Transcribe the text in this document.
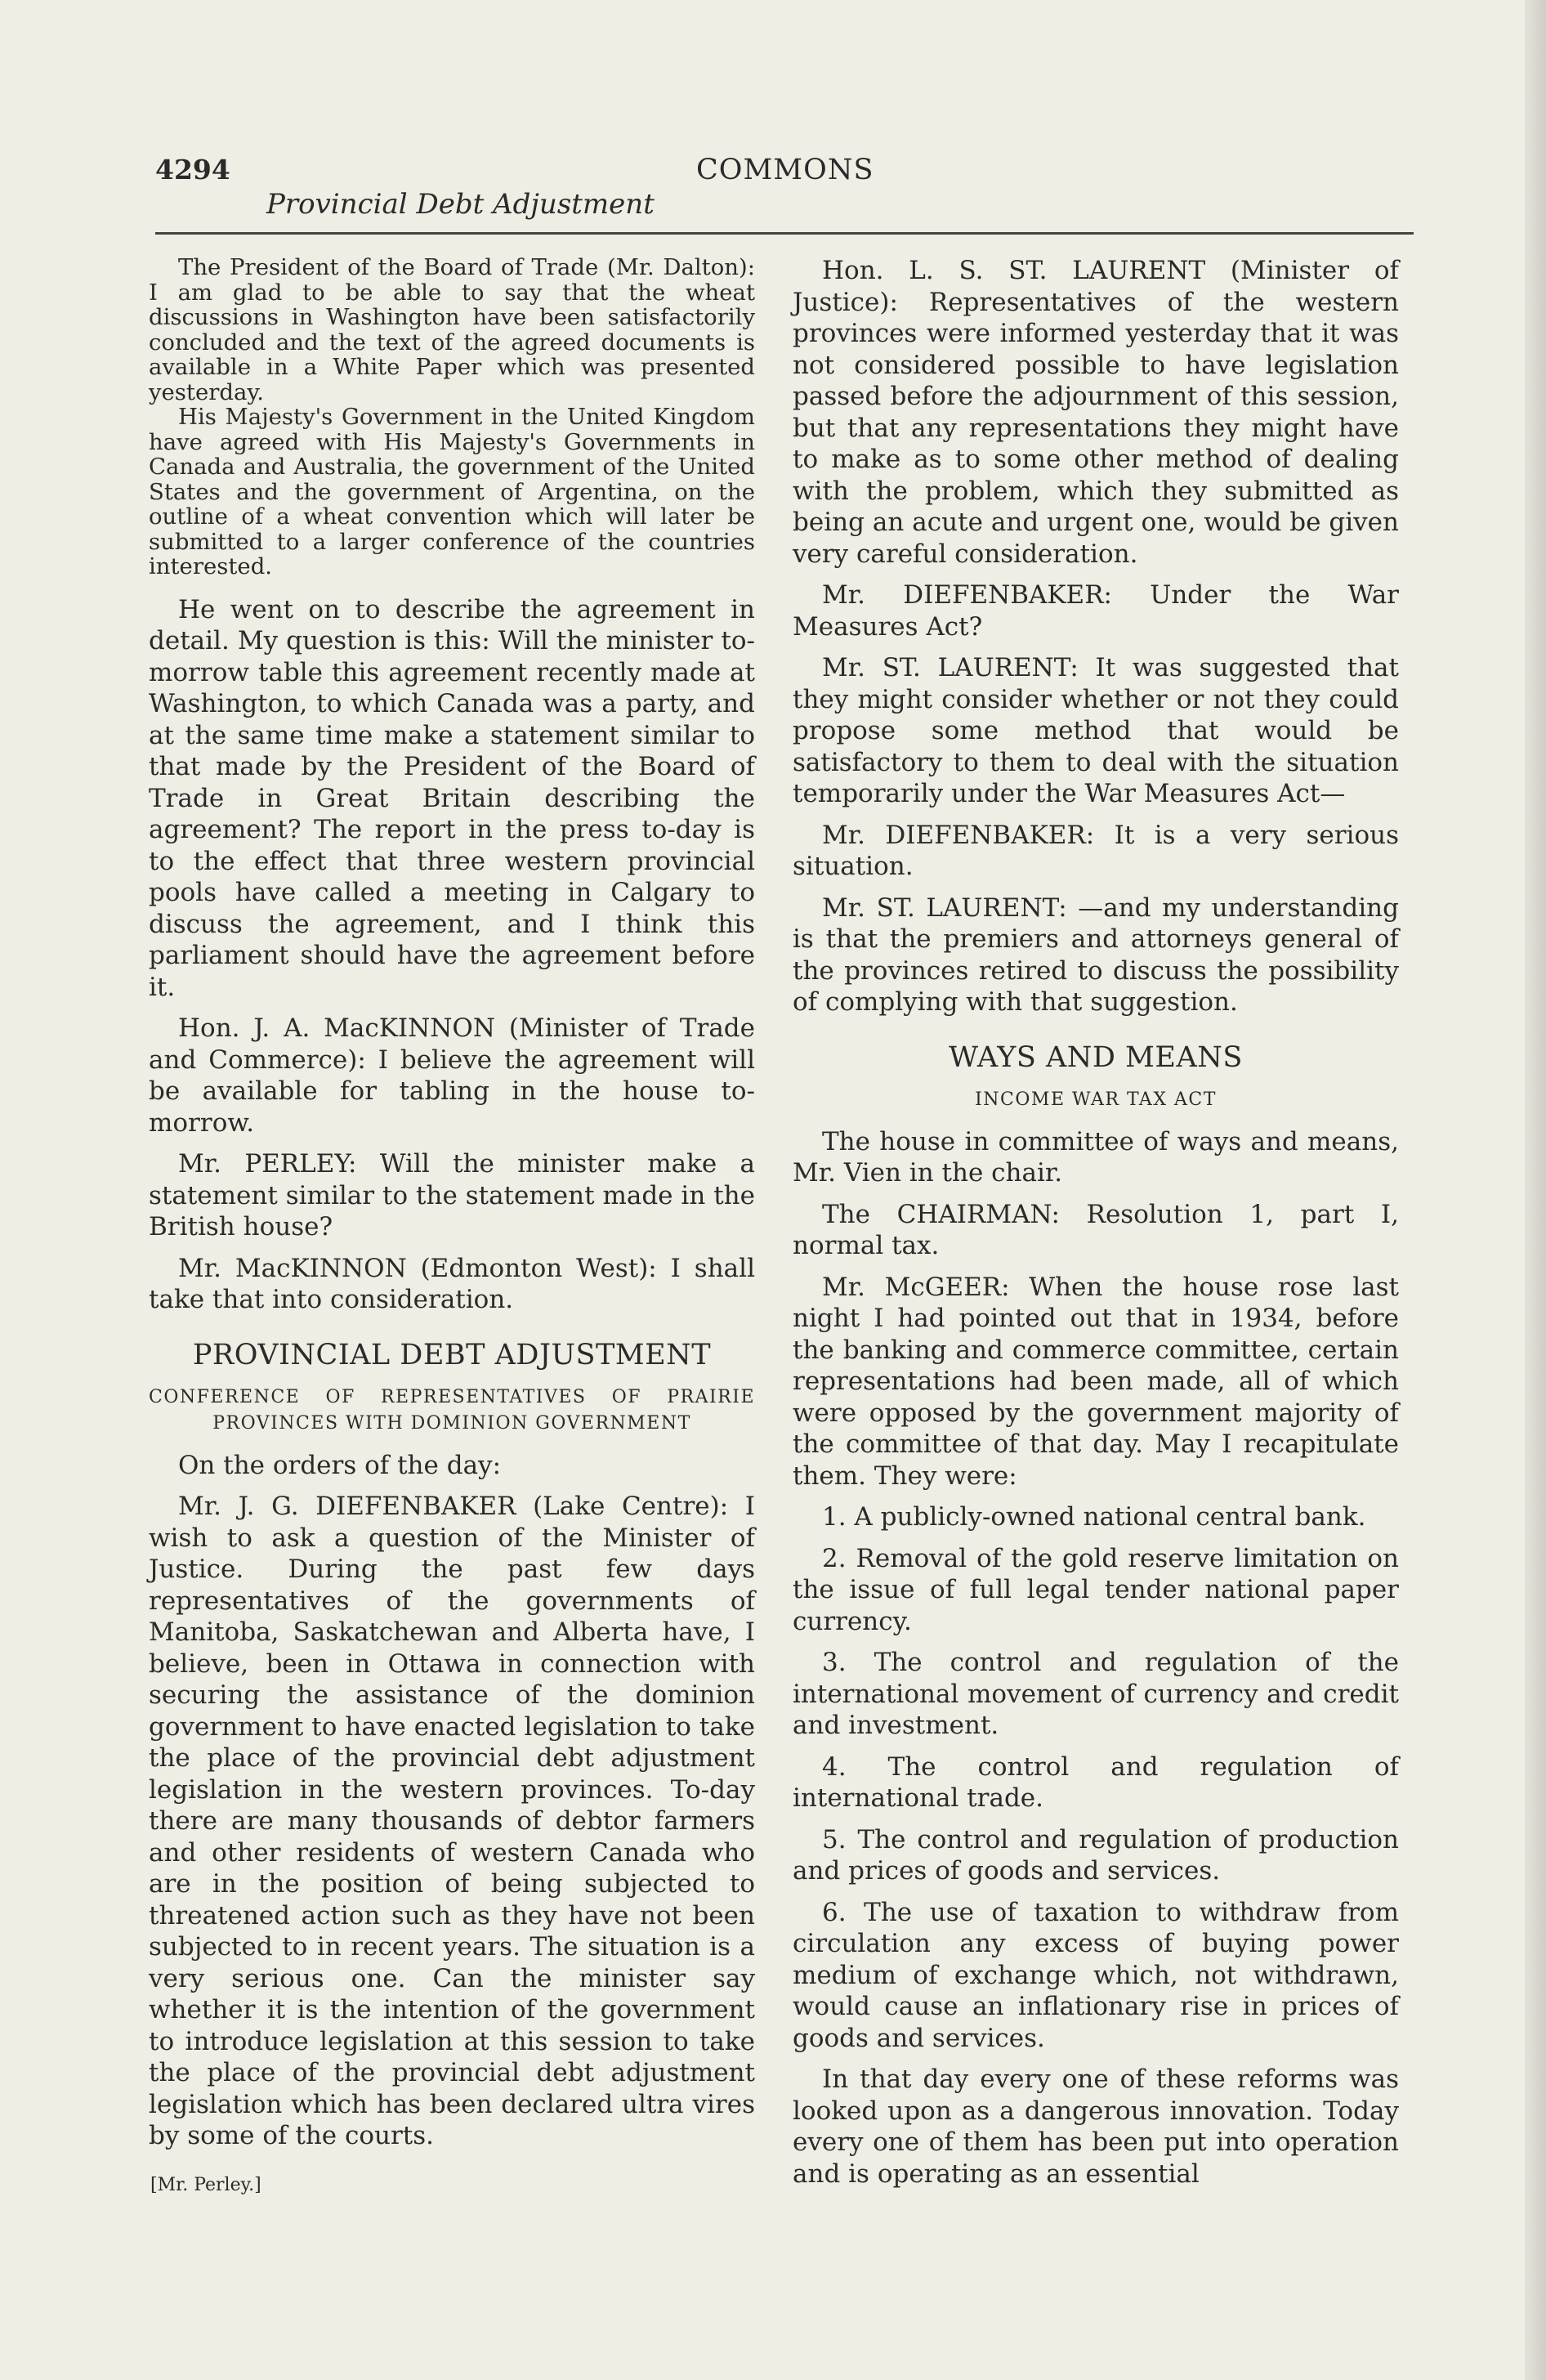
4294	COMMONS
Provincial Debt Adjustment

The President of the Board of Trade (Mr. Dalton): I am glad to be able to say that the wheat discussions in Washington have been satisfactorily concluded and the text of the agreed documents is available in a White Paper which was presented yesterday.

His Majesty's Government in the United Kingdom have agreed with His Majesty's Governments in Canada and Australia, the government of the United States and the government of Argentina, on the outline of a wheat convention which will later be submitted to a larger conference of the countries interested.

He went on to describe the agreement in detail. My question is this: Will the minister to-morrow table this agreement recently made at Washington, to which Canada was a party, and at the same time make a statement similar to that made by the President of the Board of Trade in Great Britain describing the agreement? The report in the press to-day is to the effect that three western provincial pools have called a meeting in Calgary to discuss the agreement, and I think this parliament should have the agreement before it.

Hon. J. A. MacKINNON (Minister of Trade and Commerce): I believe the agreement will be available for tabling in the house to-morrow.

Mr. PERLEY: Will the minister make a statement similar to the statement made in the British house?

Mr. MacKINNON (Edmonton West): I shall take that into consideration.

PROVINCIAL DEBT ADJUSTMENT
CONFERENCE OF REPRESENTATIVES OF PRAIRIE
PROVINCES WITH DOMINION GOVERNMENT

On the orders of the day:

Mr. J. G. DIEFENBAKER (Lake Centre): I wish to ask a question of the Minister of Justice. During the past few days representatives of the governments of Manitoba, Saskatchewan and Alberta have, I believe, been in Ottawa in connection with securing the assistance of the dominion government to have enacted legislation to take the place of the provincial debt adjustment legislation in the western provinces. To-day there are many thousands of debtor farmers and other residents of western Canada who are in the position of being subjected to threatened action such as they have not been subjected to in recent years. The situation is a very serious one. Can the minister say whether it is the intention of the government to introduce legislation at this session to take the place of the provincial debt adjustment legislation which has been declared ultra vires by some of the courts.

[Mr. Perley.]

Hon. L. S. ST. LAURENT (Minister of Justice): Representatives of the western provinces were informed yesterday that it was not considered possible to have legislation passed before the adjournment of this session, but that any representations they might have to make as to some other method of dealing with the problem, which they submitted as being an acute and urgent one, would be given very careful consideration.

Mr. DIEFENBAKER: Under the War Measures Act?

Mr. ST. LAURENT: It was suggested that they might consider whether or not they could propose some method that would be satisfactory to them to deal with the situation temporarily under the War Measures Act—

Mr. DIEFENBAKER: It is a very serious situation.

Mr. ST. LAURENT: —and my understanding is that the premiers and attorneys general of the provinces retired to discuss the possibility of complying with that suggestion.

WAYS AND MEANS
INCOME WAR TAX ACT

The house in committee of ways and means, Mr. Vien in the chair.

The CHAIRMAN: Resolution 1, part I, normal tax.

Mr. McGEER: When the house rose last night I had pointed out that in 1934, before the banking and commerce committee, certain representations had been made, all of which were opposed by the government majority of the committee of that day. May I recapitulate them. They were:

1. A publicly-owned national central bank.

2. Removal of the gold reserve limitation on the issue of full legal tender national paper currency.

3. The control and regulation of the international movement of currency and credit and investment.

4. The control and regulation of international trade.

5. The control and regulation of production and prices of goods and services.

6. The use of taxation to withdraw from circulation any excess of buying power medium of exchange which, not withdrawn, would cause an inflationary rise in prices of goods and services.

In that day every one of these reforms was looked upon as a dangerous innovation. Today every one of them has been put into operation and is operating as an essential
